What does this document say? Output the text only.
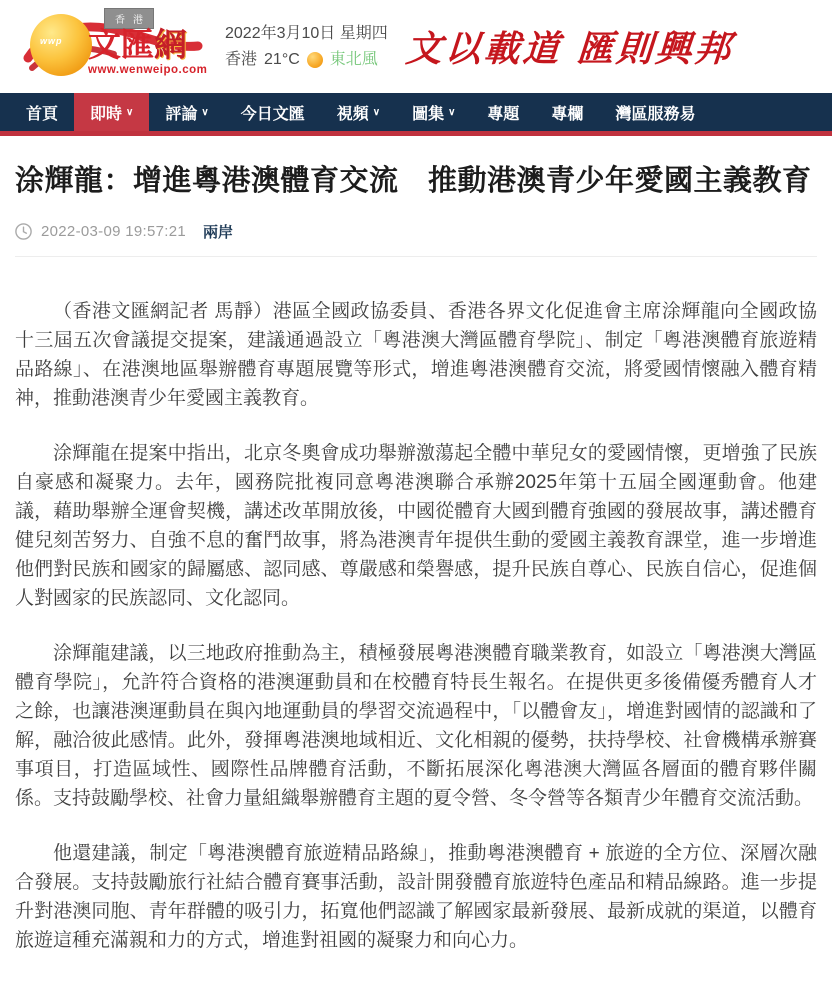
wwp
香港
文匯網
www.wenweipo.com
2022年3月10日 星期四
香港 21°C 東北風 文以載道 匯則興邦
首頁 即時 ∨ 評論 ∨ 今日文匯 視頻 ∨ 圖集 ∨ 專題 專欄 灣區服務易
涂輝龍：增進粵港澳體育交流　推動港澳青少年愛國主義教育
2022-03-09 19:57:21 兩岸

（香港文匯網記者 馬靜）港區全國政協委員、香港各界文化促進會主席涂輝龍向全國政協十三屆五次會議提交提案，建議通過設立「粵港澳大灣區體育學院」、制定「粵港澳體育旅遊精品路線」、在港澳地區舉辦體育專題展覽等形式，增進粵港澳體育交流，將愛國情懷融入體育精神，推動港澳青少年愛國主義教育。

涂輝龍在提案中指出，北京冬奧會成功舉辦激蕩起全體中華兒女的愛國情懷，更增強了民族自豪感和凝聚力。去年，國務院批複同意粵港澳聯合承辦2025年第十五屆全國運動會。他建議，藉助舉辦全運會契機，講述改革開放後，中國從體育大國到體育強國的發展故事，講述體育健兒刻苦努力、自強不息的奮鬥故事，將為港澳青年提供生動的愛國主義教育課堂，進一步增進他們對民族和國家的歸屬感、認同感、尊嚴感和榮譽感，提升民族自尊心、民族自信心，促進個人對國家的民族認同、文化認同。

涂輝龍建議，以三地政府推動為主，積極發展粵港澳體育職業教育，如設立「粵港澳大灣區體育學院」，允許符合資格的港澳運動員和在校體育特長生報名。在提供更多後備優秀體育人才之餘，也讓港澳運動員在與內地運動員的學習交流過程中，「以體會友」，增進對國情的認識和了解，融洽彼此感情。此外，發揮粵港澳地域相近、文化相親的優勢，扶持學校、社會機構承辦賽事項目，打造區域性、國際性品牌體育活動，不斷拓展深化粵港澳大灣區各層面的體育夥伴關係。支持鼓勵學校、社會力量組織舉辦體育主題的夏令營、冬令營等各類青少年體育交流活動。

他還建議，制定「粵港澳體育旅遊精品路線」，推動粵港澳體育 + 旅遊的全方位、深層次融合發展。支持鼓勵旅行社結合體育賽事活動，設計開發體育旅遊特色產品和精品線路。進一步提升對港澳同胞、青年群體的吸引力，拓寬他們認識了解國家最新發展、最新成就的渠道，以體育旅遊這種充滿親和力的方式，增進對祖國的凝聚力和向心力。
